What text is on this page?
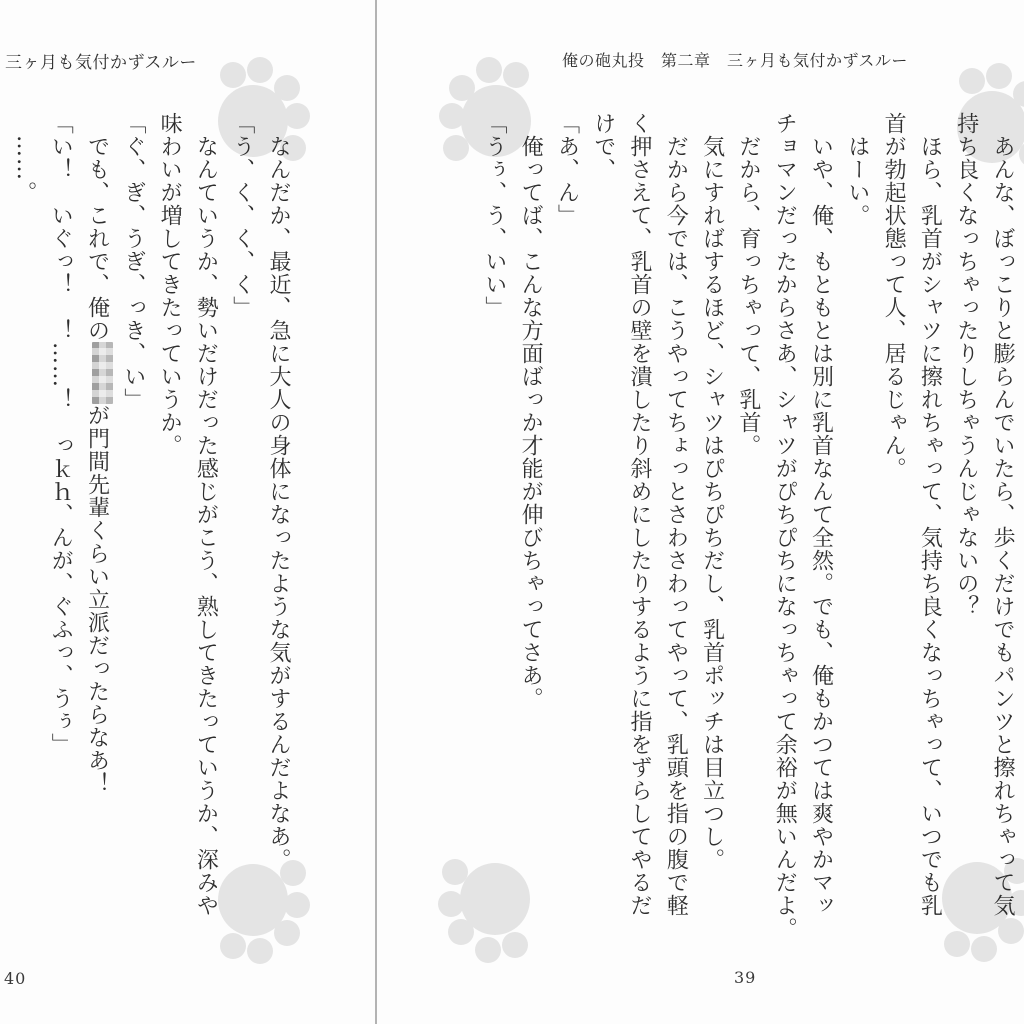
三ヶ月も気付かずスルー
　なんだか、最近、急に大人の身体になったような気がするんだよなあ。
「う、く、く、く」
　なんていうか、勢いだけだった感じがこう、熟してきたっていうか、深みや
味わいが増してきたっていうか。
「ぐ、ぎ、うぎ、っき、い」
　でも、これで、俺のが門間先輩くらい立派だったらなあ！
「い！　いぐっ！　！……！　っｋｈ、んが、ぐふっ、うぅ」
　……。
40
俺の砲丸投　第二章　三ヶ月も気付かずスルー
　あんな、ぼっこりと膨らんでいたら、歩くだけでもパンツと擦れちゃって気
持ち良くなっちゃったりしちゃうんじゃないの？
　ほら、乳首がシャツに擦れちゃって、気持ち良くなっちゃって、いつでも乳
首が勃起状態って人、居るじゃん。
　はーい。
　いや、俺、もともとは別に乳首なんて全然。でも、俺もかつては爽やかマッ
チョマンだったからさあ、シャツがぴちぴちになっちゃって余裕が無いんだよ。
　だから、育っちゃって、乳首。
　気にすればするほど、シャツはぴちぴちだし、乳首ポッチは目立つし。
　だから今では、こうやってちょっとさわさわってやって、乳頭を指の腹で軽
く押さえて、乳首の壁を潰したり斜めにしたりするように指をずらしてやるだ
けで、
「あ、ん」
　俺ってば、こんな方面ばっか才能が伸びちゃってさあ。
「うぅ、う、いい」
39
